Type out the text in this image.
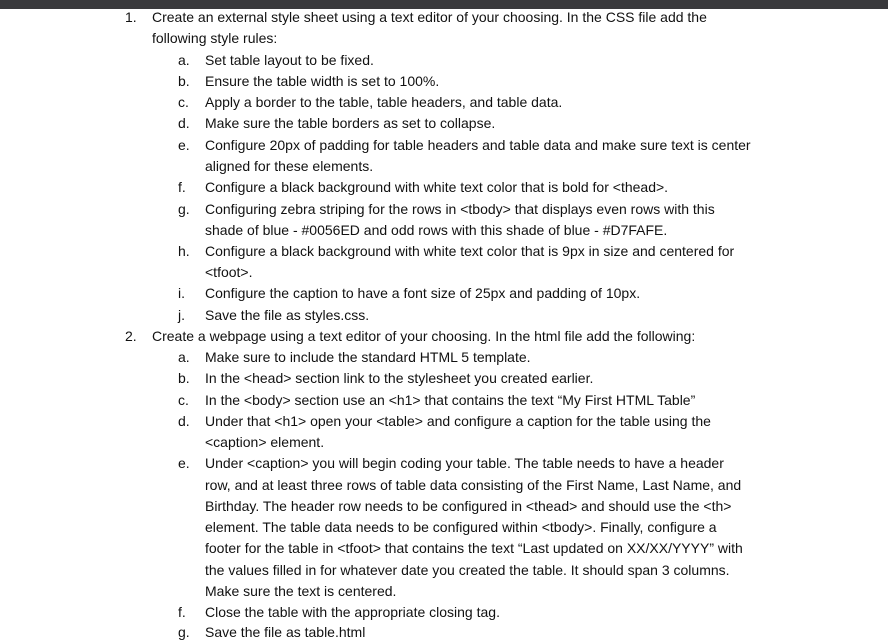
1. Create an external style sheet using a text editor of your choosing. In the CSS file add the
following style rules:
a. Set table layout to be fixed.
b. Ensure the table width is set to 100%.
c. Apply a border to the table, table headers, and table data.
d. Make sure the table borders as set to collapse.
e. Configure 20px of padding for table headers and table data and make sure text is center
aligned for these elements.
f. Configure a black background with white text color that is bold for <thead>.
g. Configuring zebra striping for the rows in <tbody> that displays even rows with this
shade of blue - #0056ED and odd rows with this shade of blue - #D7FAFE.
h. Configure a black background with white text color that is 9px in size and centered for
<tfoot>.
i. Configure the caption to have a font size of 25px and padding of 10px.
j. Save the file as styles.css.
2. Create a webpage using a text editor of your choosing. In the html file add the following:
a. Make sure to include the standard HTML 5 template.
b. In the <head> section link to the stylesheet you created earlier.
c. In the <body> section use an <h1> that contains the text “My First HTML Table”
d. Under that <h1> open your <table> and configure a caption for the table using the
<caption> element.
e. Under <caption> you will begin coding your table. The table needs to have a header
row, and at least three rows of table data consisting of the First Name, Last Name, and
Birthday. The header row needs to be configured in <thead> and should use the <th>
element. The table data needs to be configured within <tbody>. Finally, configure a
footer for the table in <tfoot> that contains the text “Last updated on XX/XX/YYYY” with
the values filled in for whatever date you created the table. It should span 3 columns.
Make sure the text is centered.
f. Close the table with the appropriate closing tag.
g. Save the file as table.html
